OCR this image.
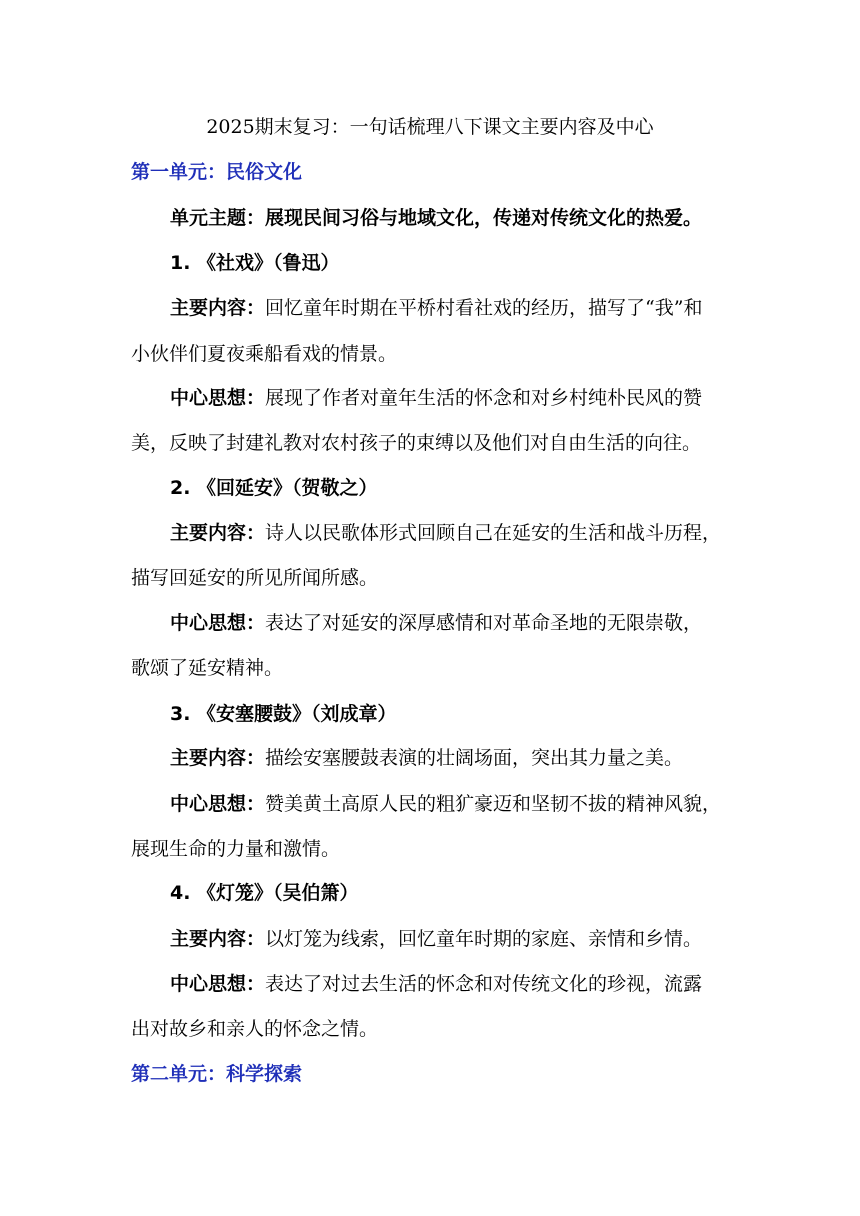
2025期末复习：一句话梳理八下课文主要内容及中心
第一单元：民俗文化
单元主题：展现民间习俗与地域文化，传递对传统文化的热爱。
1. 《社戏》（鲁迅）
主要内容：回忆童年时期在平桥村看社戏的经历，描写了“我”和
小伙伴们夏夜乘船看戏的情景。
中心思想：展现了作者对童年生活的怀念和对乡村纯朴民风的赞
美，反映了封建礼教对农村孩子的束缚以及他们对自由生活的向往。
2. 《回延安》（贺敬之）
主要内容：诗人以民歌体形式回顾自己在延安的生活和战斗历程，
描写回延安的所见所闻所感。
中心思想：表达了对延安的深厚感情和对革命圣地的无限崇敬，
歌颂了延安精神。
3. 《安塞腰鼓》（刘成章）
主要内容：描绘安塞腰鼓表演的壮阔场面，突出其力量之美。
中心思想：赞美黄土高原人民的粗犷豪迈和坚韧不拔的精神风貌，
展现生命的力量和激情。
4. 《灯笼》（吴伯箫）
主要内容：以灯笼为线索，回忆童年时期的家庭、亲情和乡情。
中心思想：表达了对过去生活的怀念和对传统文化的珍视，流露
出对故乡和亲人的怀念之情。
第二单元：科学探索
